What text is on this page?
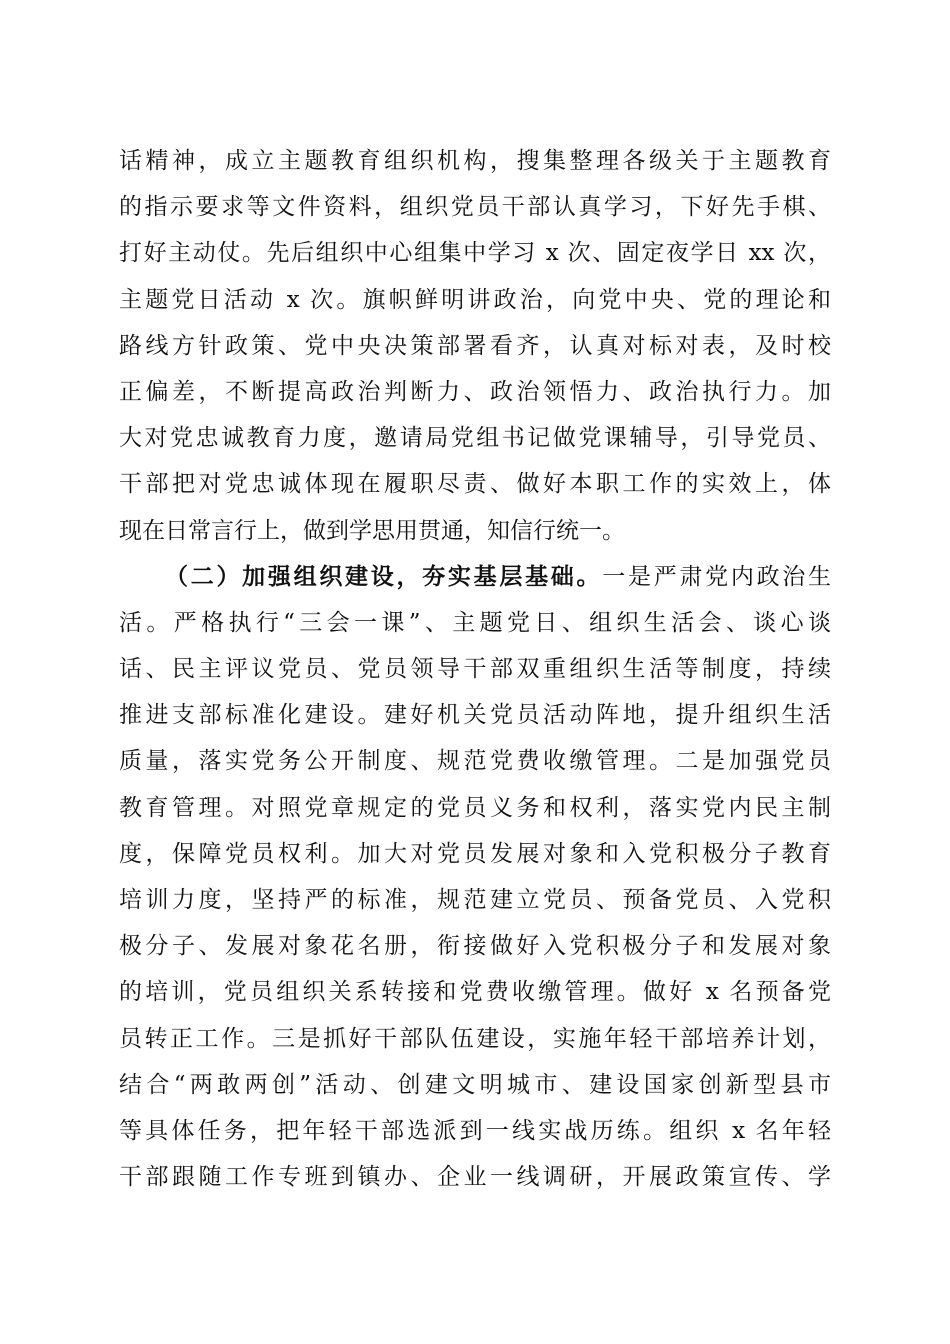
话精神，成立主题教育组织机构，搜集整理各级关于主题教育
的指示要求等文件资料，组织党员干部认真学习，下好先手棋、
打好主动仗。先后组织中心组集中学习 x 次、固定夜学日 xx 次，
主题党日活动 x 次。旗帜鲜明讲政治，向党中央、党的理论和
路线方针政策、党中央决策部署看齐，认真对标对表，及时校
正偏差，不断提高政治判断力、政治领悟力、政治执行力。加
大对党忠诚教育力度，邀请局党组书记做党课辅导，引导党员、
干部把对党忠诚体现在履职尽责、做好本职工作的实效上，体
现在日常言行上，做到学思用贯通，知信行统一。
（二）加强组织建设，夯实基层基础。一是严肃党内政治生
活。严格执行“三会一课”、主题党日、组织生活会、谈心谈
话、民主评议党员、党员领导干部双重组织生活等制度，持续
推进支部标准化建设。建好机关党员活动阵地，提升组织生活
质量，落实党务公开制度、规范党费收缴管理。二是加强党员
教育管理。对照党章规定的党员义务和权利，落实党内民主制
度，保障党员权利。加大对党员发展对象和入党积极分子教育
培训力度，坚持严的标准，规范建立党员、预备党员、入党积
极分子、发展对象花名册，衔接做好入党积极分子和发展对象
的培训，党员组织关系转接和党费收缴管理。做好 x 名预备党
员转正工作。三是抓好干部队伍建设，实施年轻干部培养计划，
结合“两敢两创”活动、创建文明城市、建设国家创新型县市
等具体任务，把年轻干部选派到一线实战历练。组织 x 名年轻
干部跟随工作专班到镇办、企业一线调研，开展政策宣传、学
